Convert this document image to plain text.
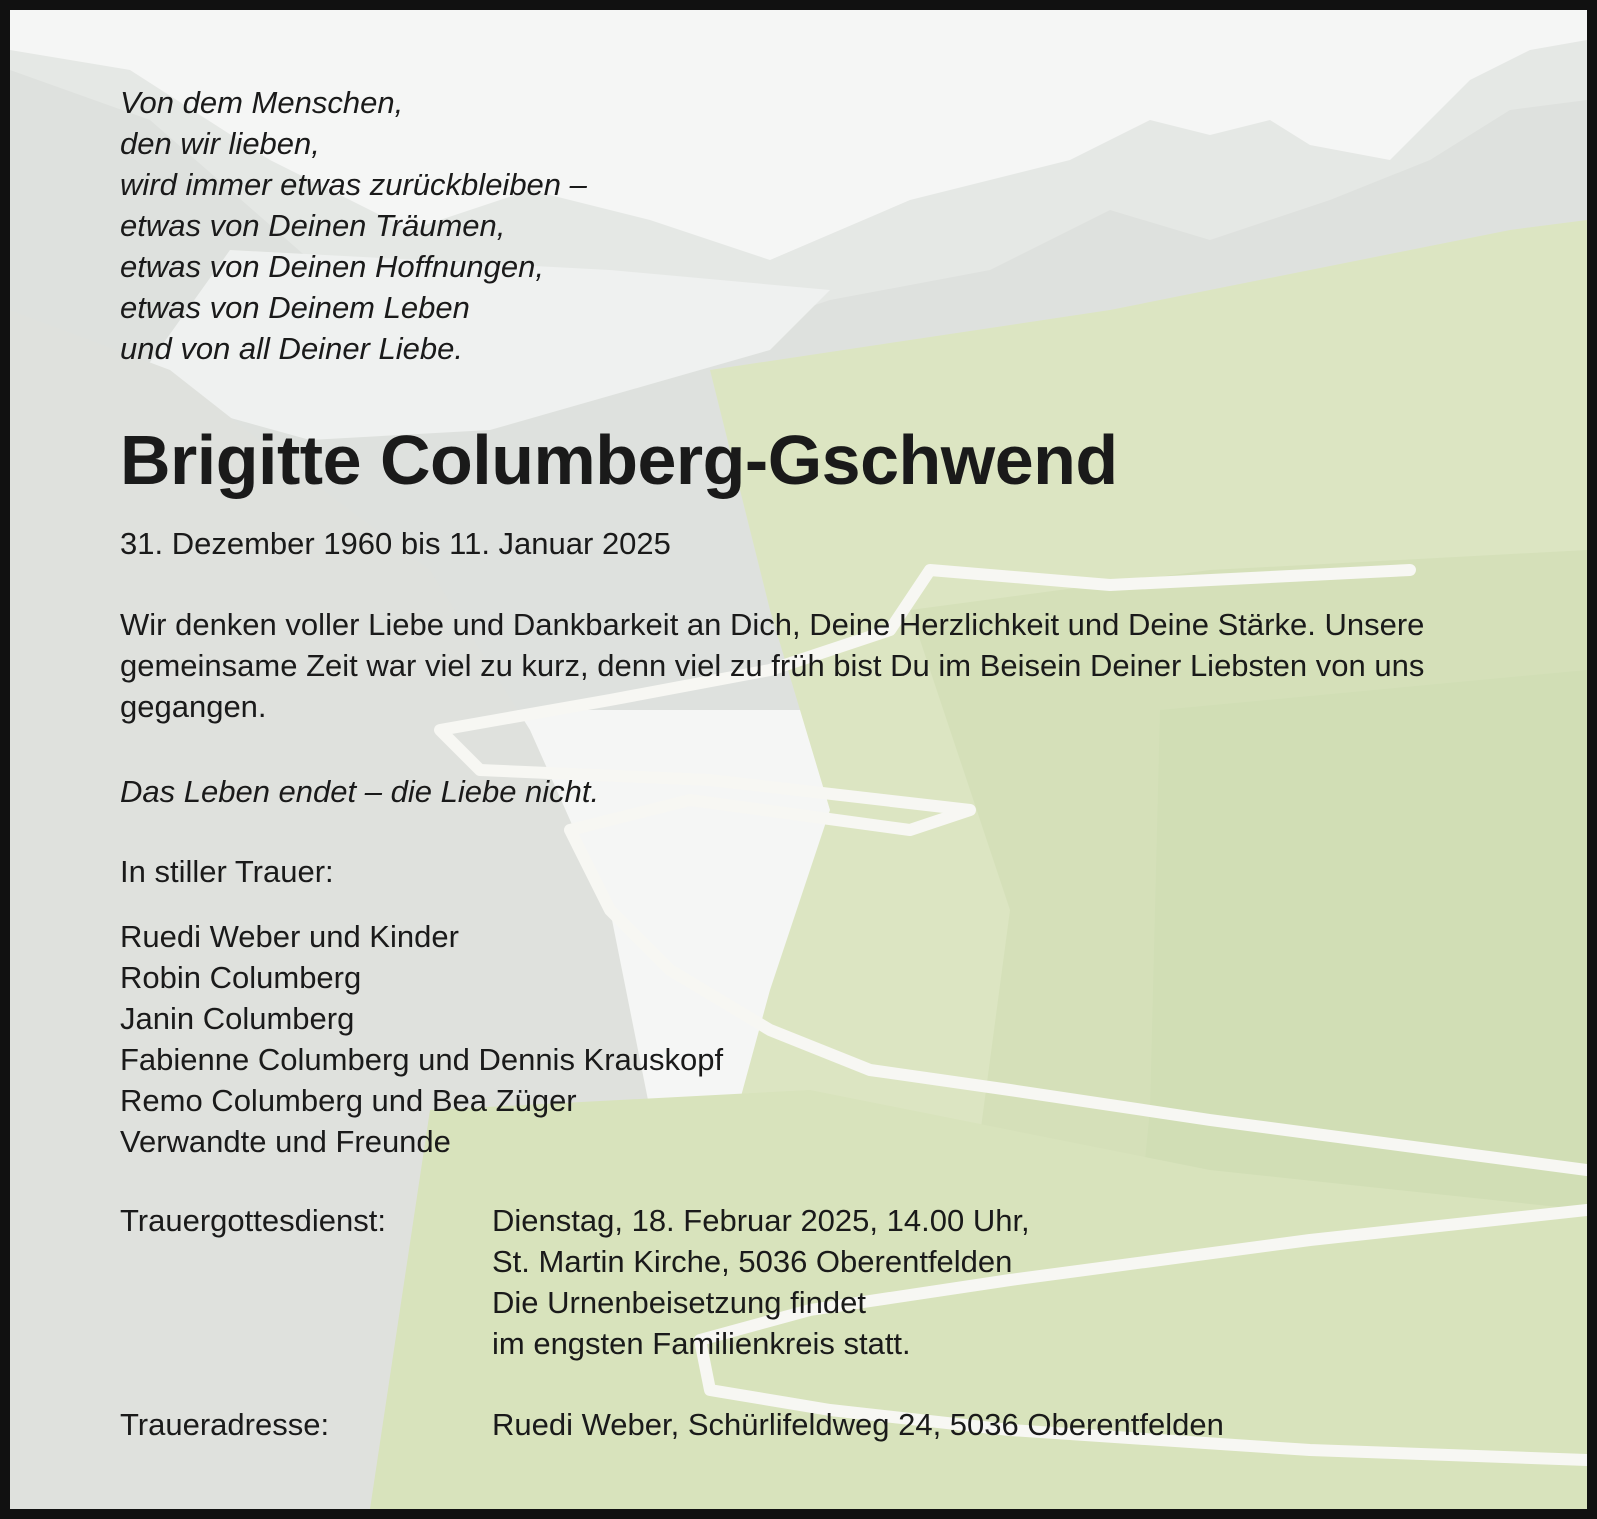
Von dem Menschen,
den wir lieben,
wird immer etwas zurückbleiben –
etwas von Deinen Träumen,
etwas von Deinen Hoffnungen,
etwas von Deinem Leben
und von all Deiner Liebe.
Brigitte Columberg-Gschwend

31. Dezember 1960 bis 11. Januar 2025

Wir denken voller Liebe und Dankbarkeit an Dich, Deine Herzlichkeit und Deine Stärke. Unsere gemeinsame Zeit war viel zu kurz, denn viel zu früh bist Du im Beisein Deiner Liebsten von uns gegangen.

Das Leben endet – die Liebe nicht.

In stiller Trauer:

Ruedi Weber und Kinder
Robin Columberg
Janin Columberg
Fabienne Columberg und Dennis Krauskopf
Remo Columberg und Bea Züger
Verwandte und Freunde
Trauergottesdienst:	Dienstag, 18. Februar 2025, 14.00 Uhr,
St. Martin Kirche, 5036 Oberentfelden
Die Urnenbeisetzung findet
im engsten Familienkreis statt.
Traueradresse:	Ruedi Weber, Schürlifeldweg 24, 5036 Oberentfelden
